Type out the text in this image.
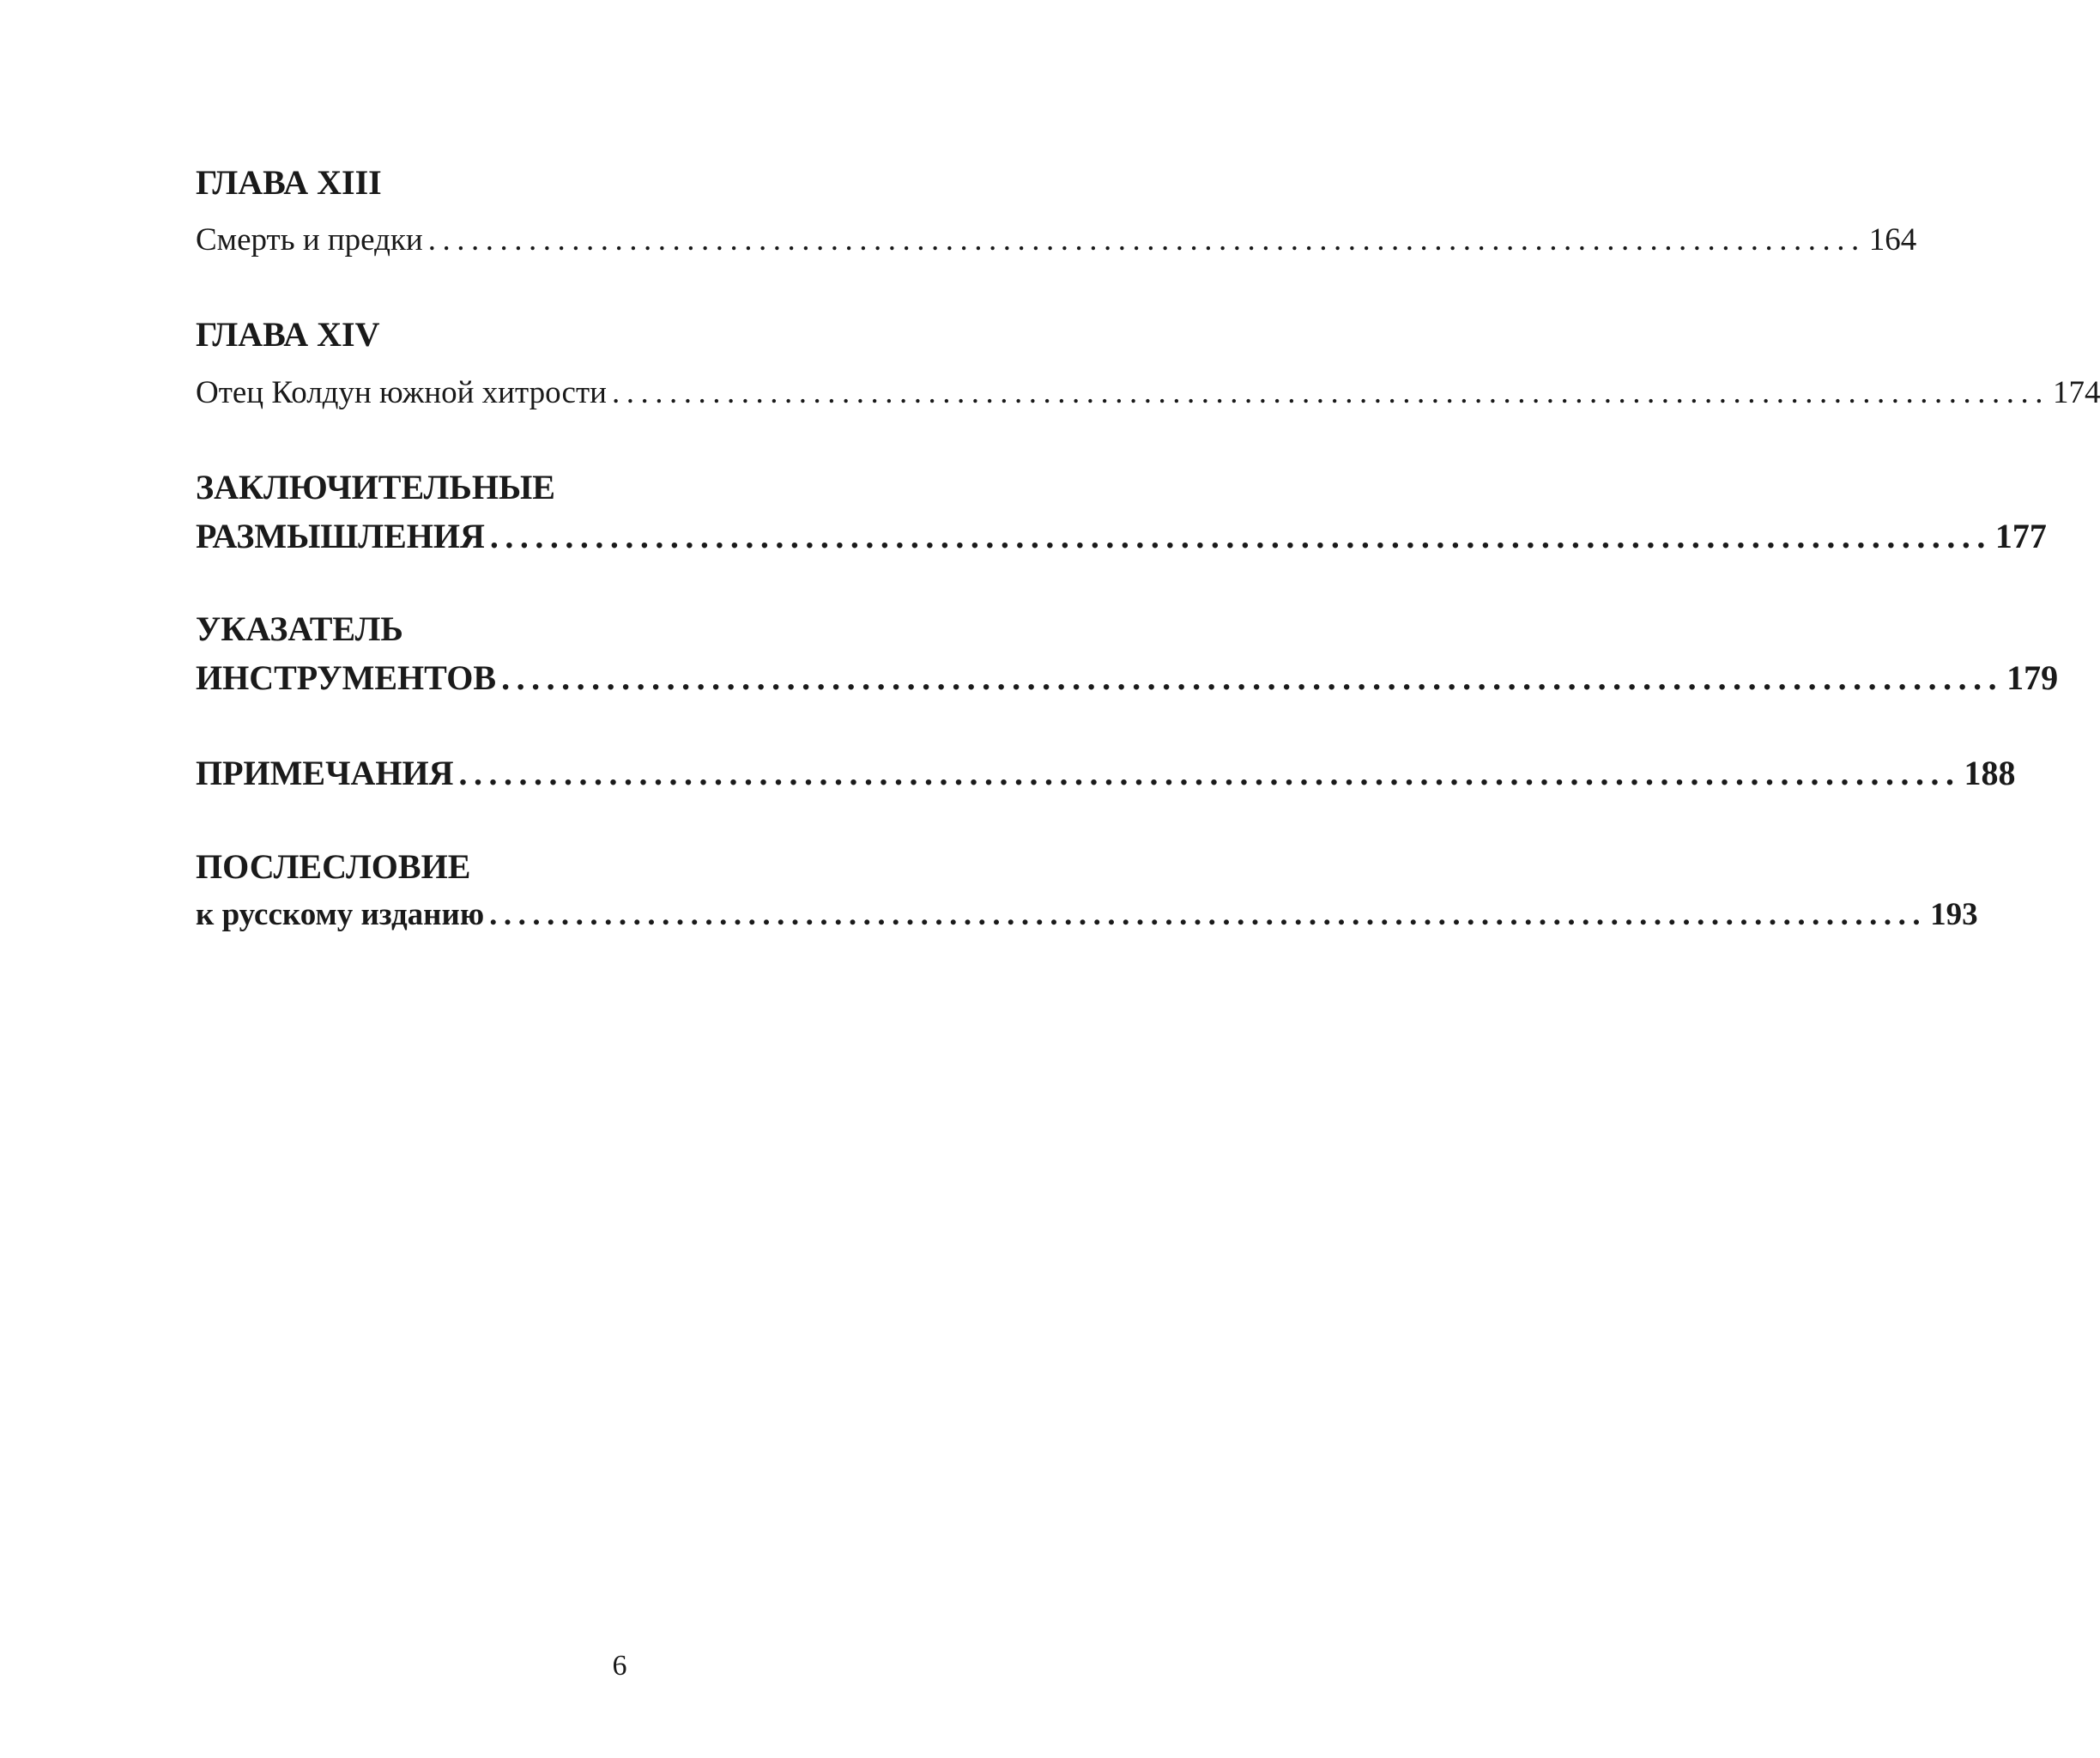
ГЛАВА XIII
Смерть и предки .................................................................................................... 164
ГЛАВА XIV
Отец Колдун южной хитрости .................................................................................................... 174
ЗАКЛЮЧИТЕЛЬНЫЕ
РАЗМЫШЛЕНИЯ .................................................................................................... 177
УКАЗАТЕЛЬ
ИНСТРУМЕНТОВ .................................................................................................... 179
ПРИМЕЧАНИЯ .................................................................................................... 188
ПОСЛЕСЛОВИЕ
к русскому изданию .................................................................................................... 193
6
